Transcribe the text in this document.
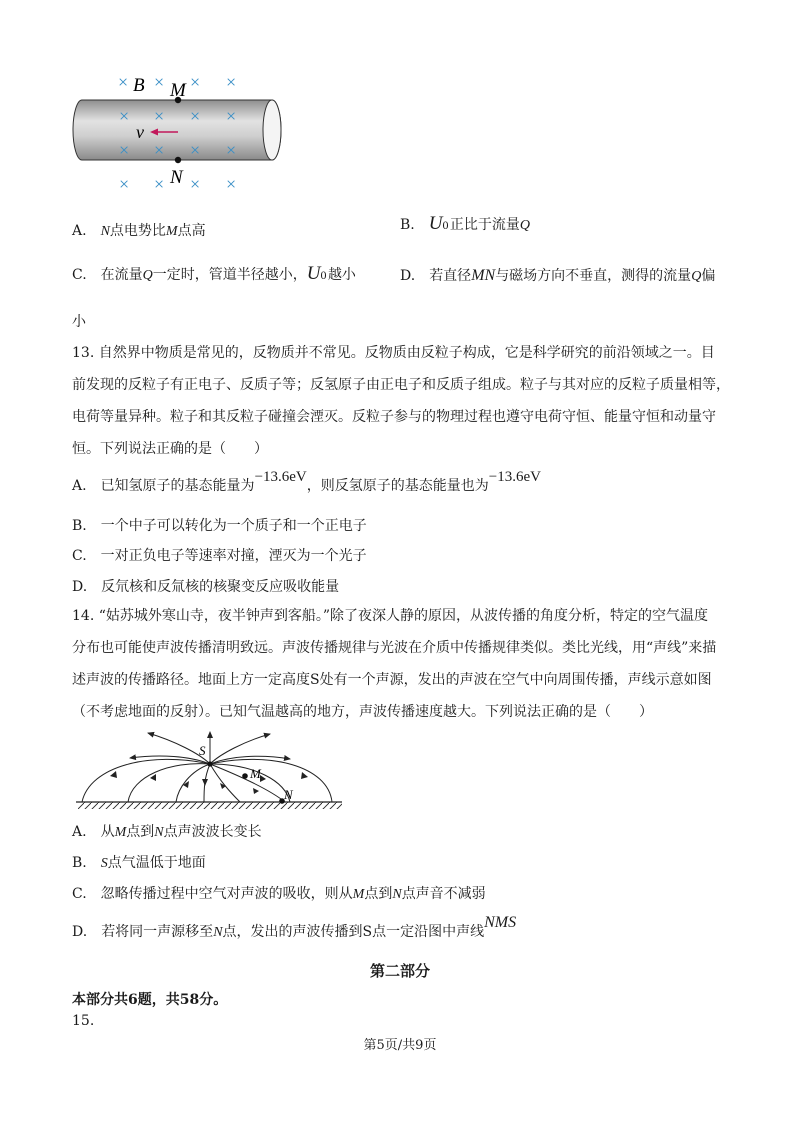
× × × ×
× × × ×
× × × ×
× × × ×
B M
N
v
A.  N点电势比M点高	B.  U0 正比于流量Q
C.  在流量Q一定时，管道半径越小，U0 越小	D.  若直径MN与磁场方向不垂直，测得的流量Q偏
小
13. 自然界中物质是常见的，反物质并不常见。反物质由反粒子构成，它是科学研究的前沿领域之一。目
前发现的反粒子有正电子、反质子等；反氢原子由正电子和反质子组成。粒子与其对应的反粒子质量相等，
电荷等量异种。粒子和其反粒子碰撞会湮灭。反粒子参与的物理过程也遵守电荷守恒、能量守恒和动量守
恒。下列说法正确的是（　　）
A.  已知氢原子的基态能量为−13.6eV，则反氢原子的基态能量也为−13.6eV
B.　一个中子可以转化为一个质子和一个正电子
C.　一对正负电子等速率对撞，湮灭为一个光子
D.　反氘核和反氚核的核聚变反应吸收能量
14. “姑苏城外寒山寺，夜半钟声到客船。”除了夜深人静的原因，从波传播的角度分析，特定的空气温度
分布也可能使声波传播清明致远。声波传播规律与光波在介质中传播规律类似。类比光线，用“声线”来描
述声波的传播路径。地面上方一定高度S处有一个声源，发出的声波在空气中向周围传播，声线示意如图
（不考虑地面的反射）。已知气温越高的地方，声波传播速度越大。下列说法正确的是（　　）
S
M
N
A.  从M点到N点声波波长变长
B.  S点气温低于地面
C.  忽略传播过程中空气对声波的吸收，则从M点到N点声音不减弱
D.  若将同一声源移至N点，发出的声波传播到S点一定沿图中声线NMS
第二部分
本部分共6题，共58分。
15.
第5页/共9页
